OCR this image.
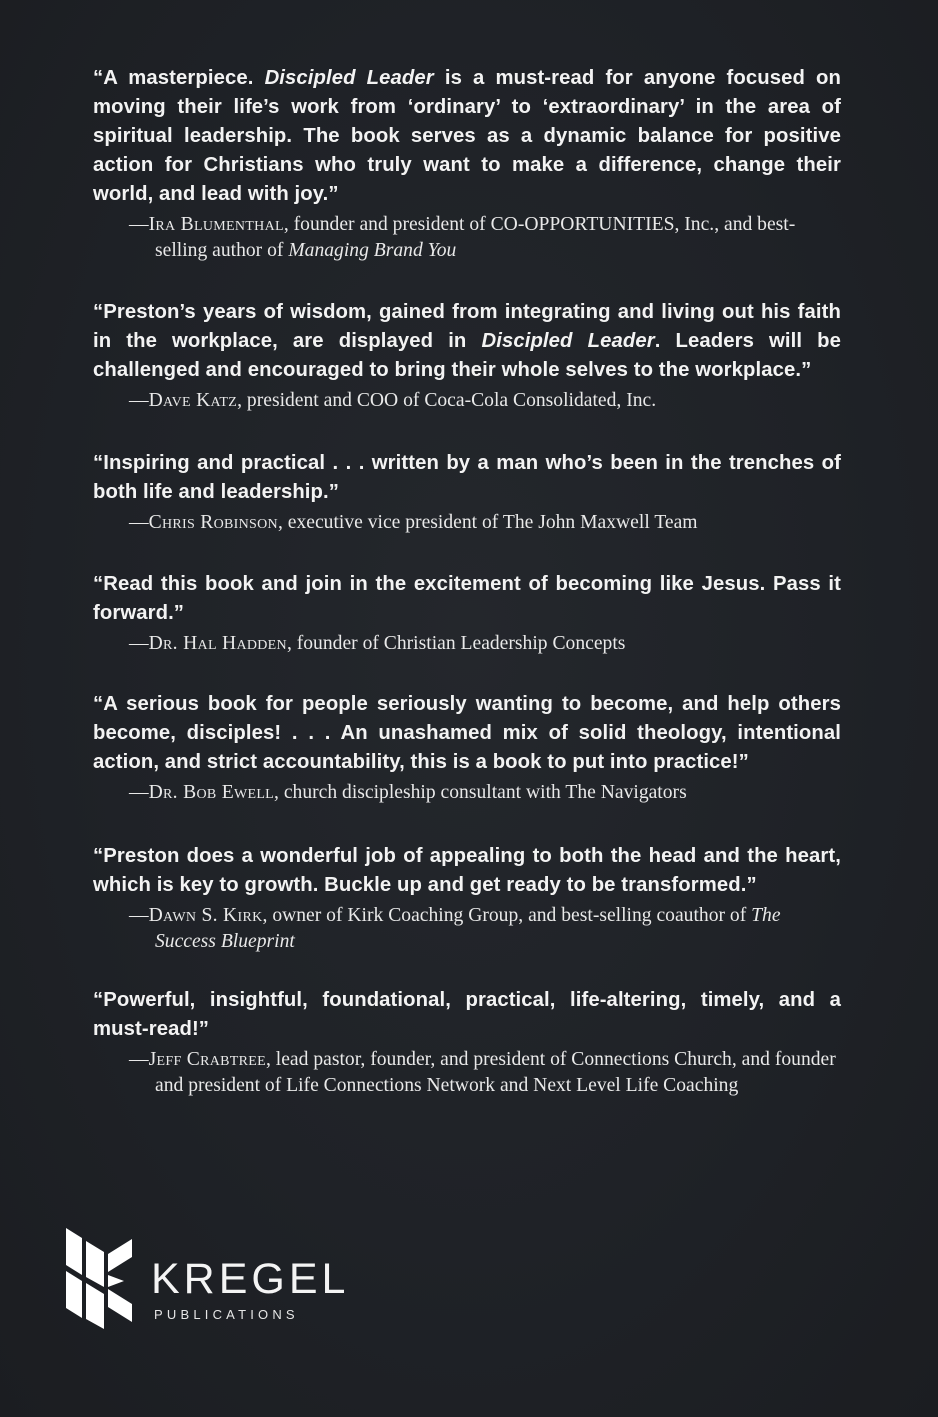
“A masterpiece. Discipled Leader is a must-read for anyone focused on moving their life’s work from ‘ordinary’ to ‘extraordinary’ in the area of spiritual leadership. The book serves as a dynamic balance for positive action for Christians who truly want to make a difference, change their world, and lead with joy.”

—Ira Blumenthal, founder and president of CO-OPPORTUNITIES, Inc., and best-selling author of Managing Brand You

“Preston’s years of wisdom, gained from integrating and living out his faith in the workplace, are displayed in Discipled Leader. Leaders will be challenged and encouraged to bring their whole selves to the workplace.”

—Dave Katz, president and COO of Coca-Cola Consolidated, Inc.

“Inspiring and practical . . . written by a man who’s been in the trenches of both life and leadership.”

—Chris Robinson, executive vice president of The John Maxwell Team

“Read this book and join in the excitement of becoming like Jesus. Pass it forward.”

—Dr. Hal Hadden, founder of Christian Leadership Concepts

“A serious book for people seriously wanting to become, and help others become, disciples! . . . An unashamed mix of solid theology, intentional action, and strict accountability, this is a book to put into practice!”

—Dr. Bob Ewell, church discipleship consultant with The Navigators

“Preston does a wonderful job of appealing to both the head and the heart, which is key to growth. Buckle up and get ready to be transformed.”

—Dawn S. Kirk, owner of Kirk Coaching Group, and best-selling coauthor of The Success Blueprint

“Powerful, insightful, foundational, practical, life-altering, timely, and a must-read!”

—Jeff Crabtree, lead pastor, founder, and president of Connections Church, and founder and president of Life Connections Network and Next Level Life Coaching
KREGEL
PUBLICATIONS
